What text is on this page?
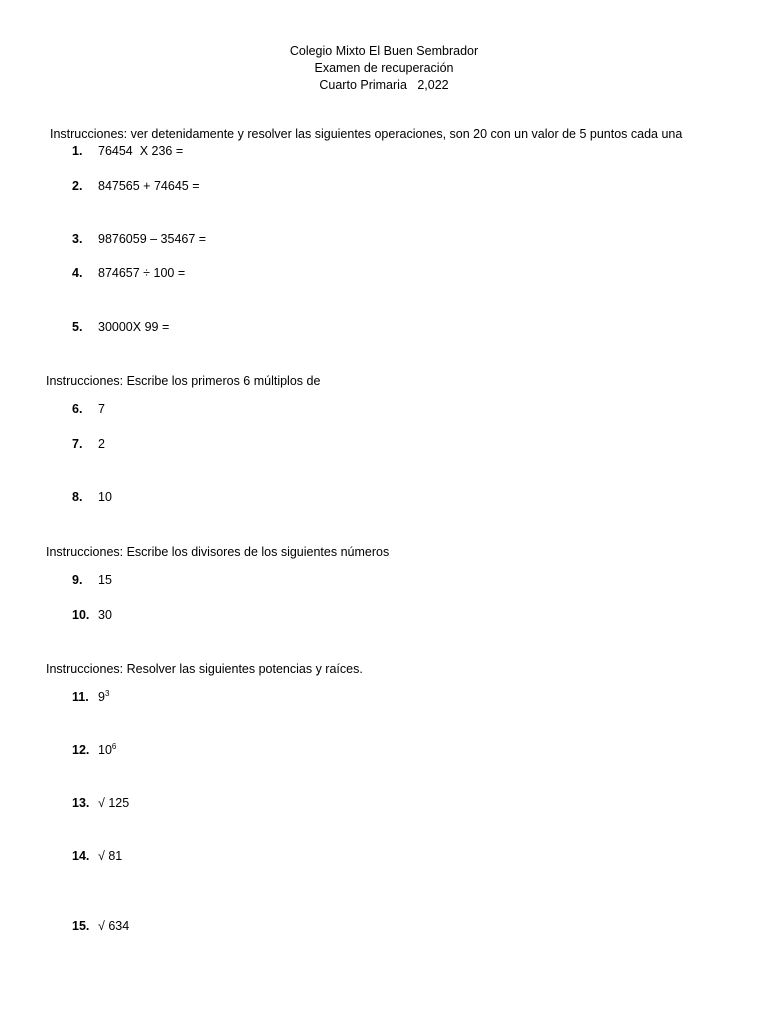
Colegio Mixto El Buen Sembrador
Examen de recuperación
Cuarto Primaria   2,022
Instrucciones: ver detenidamente y resolver las siguientes operaciones, son 20 con un valor de 5 puntos cada una
1. 76454  X 236 =
2. 847565 + 74645 =
3. 9876059 – 35467 =
4. 874657 ÷ 100 =
5. 30000X 99 =
Instrucciones: Escribe los primeros 6 múltiplos de
6. 7
7. 2
8. 10
Instrucciones: Escribe los divisores de los siguientes números
9. 15
10. 30
Instrucciones: Resolver las siguientes potencias y raíces.
11. $9^3$
12. $10^6$
13. √ 125
14. √ 81
15. √ 634
